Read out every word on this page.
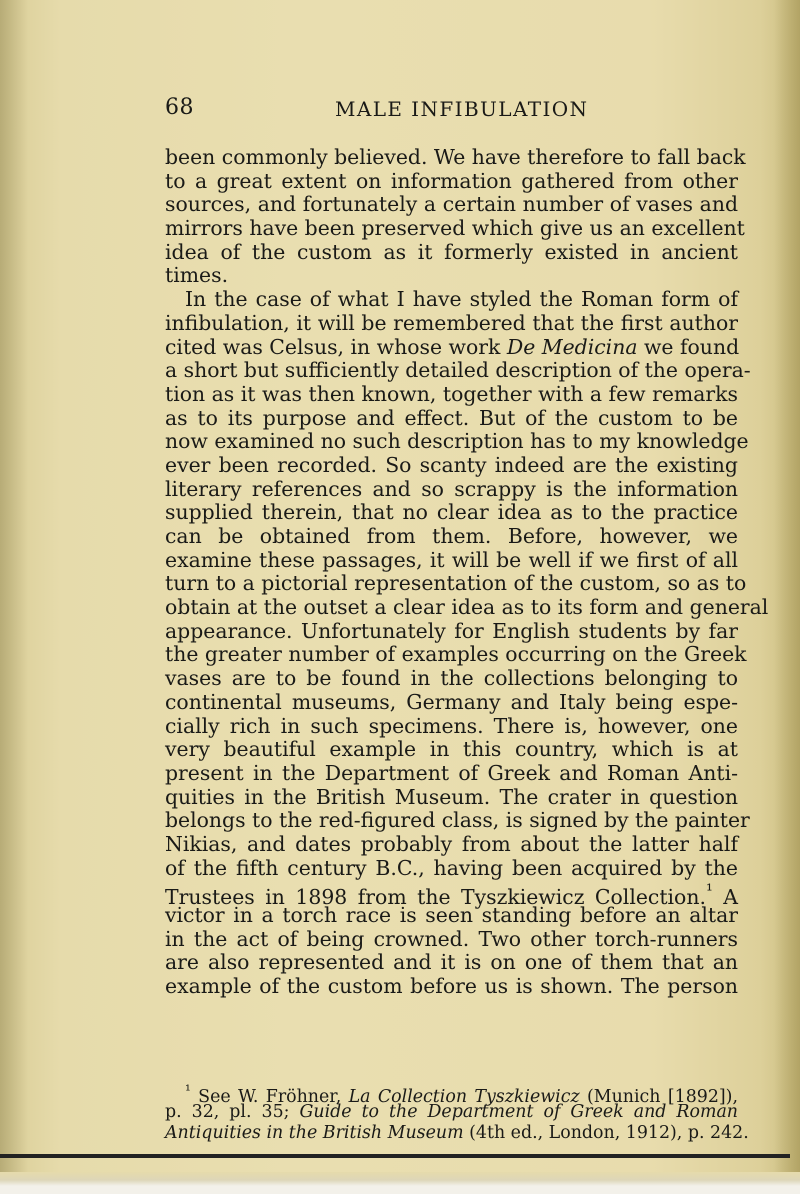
68	MALE INFIBULATION
been commonly believed. We have therefore to fall back
to a great extent on information gathered from other
sources, and fortunately a certain number of vases and
mirrors have been preserved which give us an excellent
idea of the custom as it formerly existed in ancient
times.
In the case of what I have styled the Roman form of
infibulation, it will be remembered that the first author
cited was Celsus, in whose work De Medicina we found
a short but sufficiently detailed description of the opera-
tion as it was then known, together with a few remarks
as to its purpose and effect. But of the custom to be
now examined no such description has to my knowledge
ever been recorded. So scanty indeed are the existing
literary references and so scrappy is the information
supplied therein, that no clear idea as to the practice
can be obtained from them. Before, however, we
examine these passages, it will be well if we first of all
turn to a pictorial representation of the custom, so as to
obtain at the outset a clear idea as to its form and general
appearance. Unfortunately for English students by far
the greater number of examples occurring on the Greek
vases are to be found in the collections belonging to
continental museums, Germany and Italy being espe-
cially rich in such specimens. There is, however, one
very beautiful example in this country, which is at
present in the Department of Greek and Roman Anti-
quities in the British Museum. The crater in question
belongs to the red-figured class, is signed by the painter
Nikias, and dates probably from about the latter half
of the fifth century B.C., having been acquired by the
Trustees in 1898 from the Tyszkiewicz Collection.$^{^1}$ A
victor in a torch race is seen standing before an altar
in the act of being crowned. Two other torch-runners
are also represented and it is on one of them that an
example of the custom before us is shown. The person
$^{^1}$ See W. Fröhner, La Collection Tyszkiewicz (Munich [1892]),
p. 32, pl. 35; Guide to the Department of Greek and Roman
Antiquities in the British Museum (4th ed., London, 1912), p. 242.
